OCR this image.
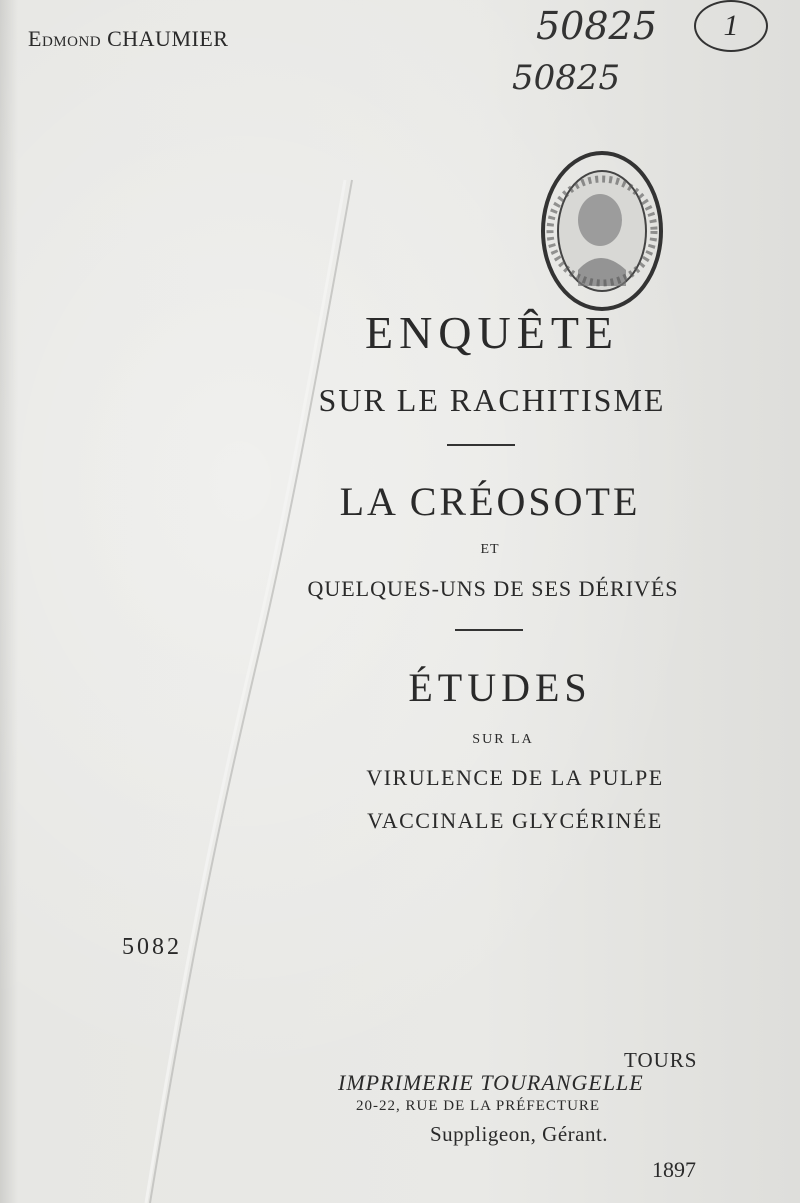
Edmond CHAUMIER	50825	1
50825
ENQUÊTE
SUR LE RACHITISME
LA CRÉOSOTE
ET
QUELQUES-UNS DE SES DÉRIVÉS
ÉTUDES
SUR LA
VIRULENCE DE LA PULPE
VACCINALE GLYCÉRINÉE
5082
TOURS
IMPRIMERIE TOURANGELLE
20-22, RUE DE LA PRÉFECTURE
Suppligeon, Gérant.
1897
